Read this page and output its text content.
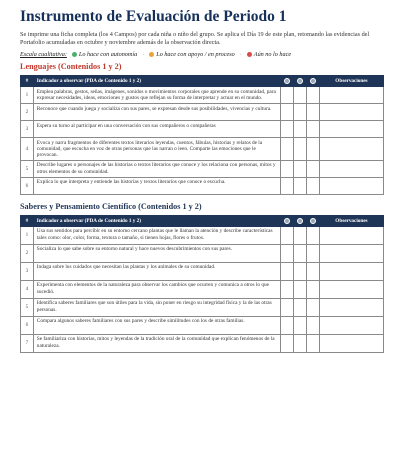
Instrumento de Evaluación de Periodo 1
Se imprime una ficha completa (los 4 Campos) por cada niña o niño del grupo. Se aplica el Día 19 de este plan, retomando las evidencias del Portafolio acumuladas en octubre y noviembre además de la observación directa.
Escala cualitativa: Lo hace con autonomía · Lo hace con apoyo / en proceso · Aún no lo hace
Lenguajes (Contenidos 1 y 2)
#	Indicador a observar (PDA de Contenido 1 y 2)				Observaciones
1	Emplea palabras, gestos, señas, imágenes, sonidos o movimientos corporales que aprende en su comunidad, para expresar necesidades, ideas, emociones y gustos que reflejan su forma de interpretar y actuar en el mundo.				
2	Reconoce que cuando juega y socializa con sus pares, se expresan desde sus posibilidades, vivencias y cultura.				
3	Espera su turno al participar en una conversación con sus compañeros o compañeras				
4	Evoca y narra fragmentos de diferentes textos literarios leyendas, cuentos, fábulas, historias y relatos de la comunidad, que escucha en voz de otras personas que las narran o leen. Comparte las emociones que le provocan.				
5	Describe lugares o personajes de las historias o textos literarios que conoce y los relaciona con personas, mitos y otros elementos de su comunidad.				
6	Explica lo que interpreta y entiende las historias y textos literarios que conoce o escucha.				
Saberes y Pensamiento Científico (Contenidos 1 y 2)
#	Indicador a observar (PDA de Contenido 1 y 2)				Observaciones
1	Usa sus sentidos para percibir en su entorno cercano plantas que le llaman la atención y describe características tales como: olor, color, forma, textura o tamaño, si tienen hojas, flores o frutos.				
2	Socializa lo que sabe sobre su entorno natural y hace nuevos descubrimientos con sus pares.				
3	Indaga sobre los cuidados que necesitan las plantas y los animales de su comunidad.				
4	Experimenta con elementos de la naturaleza para observar los cambios que ocurren y comunica a otros lo que sucedió.				
5	Identifica saberes familiares que son útiles para la vida, sin poner en riesgo su integridad física y la de las otras personas.				
6	Compara algunos saberes familiares con sus pares y describe similitudes con los de otras familias.				
7	Se familiariza con historias, mitos y leyendas de la tradición oral de la comunidad que explican fenómenos de la naturaleza.				
